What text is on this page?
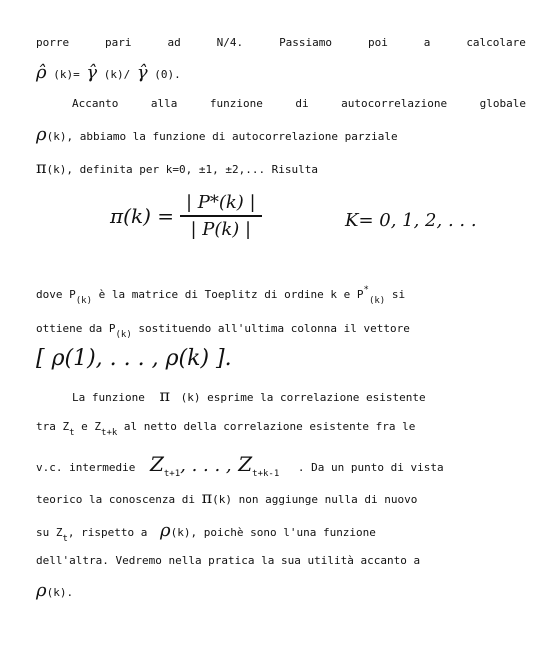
porre	pari	ad	N/4.	Passiamo	poi	a	calcolare
ρ̂ (k)= γ̂ (k)/ γ̂ (0).
Accanto	alla	funzione	di	autocorrelazione	globale
ρ(k), abbiamo la funzione di autocorrelazione parziale
π(k), definita per k=0, ±1, ±2,... Risulta
$\pi(k) = \frac{| P*(k) |}{| P(k) |}$	K= 0, 1, 2, . . .
dove $P_{(k)}$ è la matrice di Toeplitz di ordine k e $P^*_{(k)}$ si
ottiene da $P_{(k)}$ sostituendo all'ultima colonna il vettore
[ ρ(1), . . . , ρ(k) ].
La funzione π (k) esprime la correlazione esistente
tra $Z_t$ e $Z_{t+k}$ al netto della correlazione esistente fra le
v.c. intermedie $Z_{t+1}$, . . . , $Z_{t+k-1}$ . Da un punto di vista
teorico la conoscenza di π(k) non aggiunge nulla di nuovo
su $Z_t$, rispetto a ρ(k), poichè sono l'una funzione
dell'altra. Vedremo nella pratica la sua utilità accanto a
ρ(k).
